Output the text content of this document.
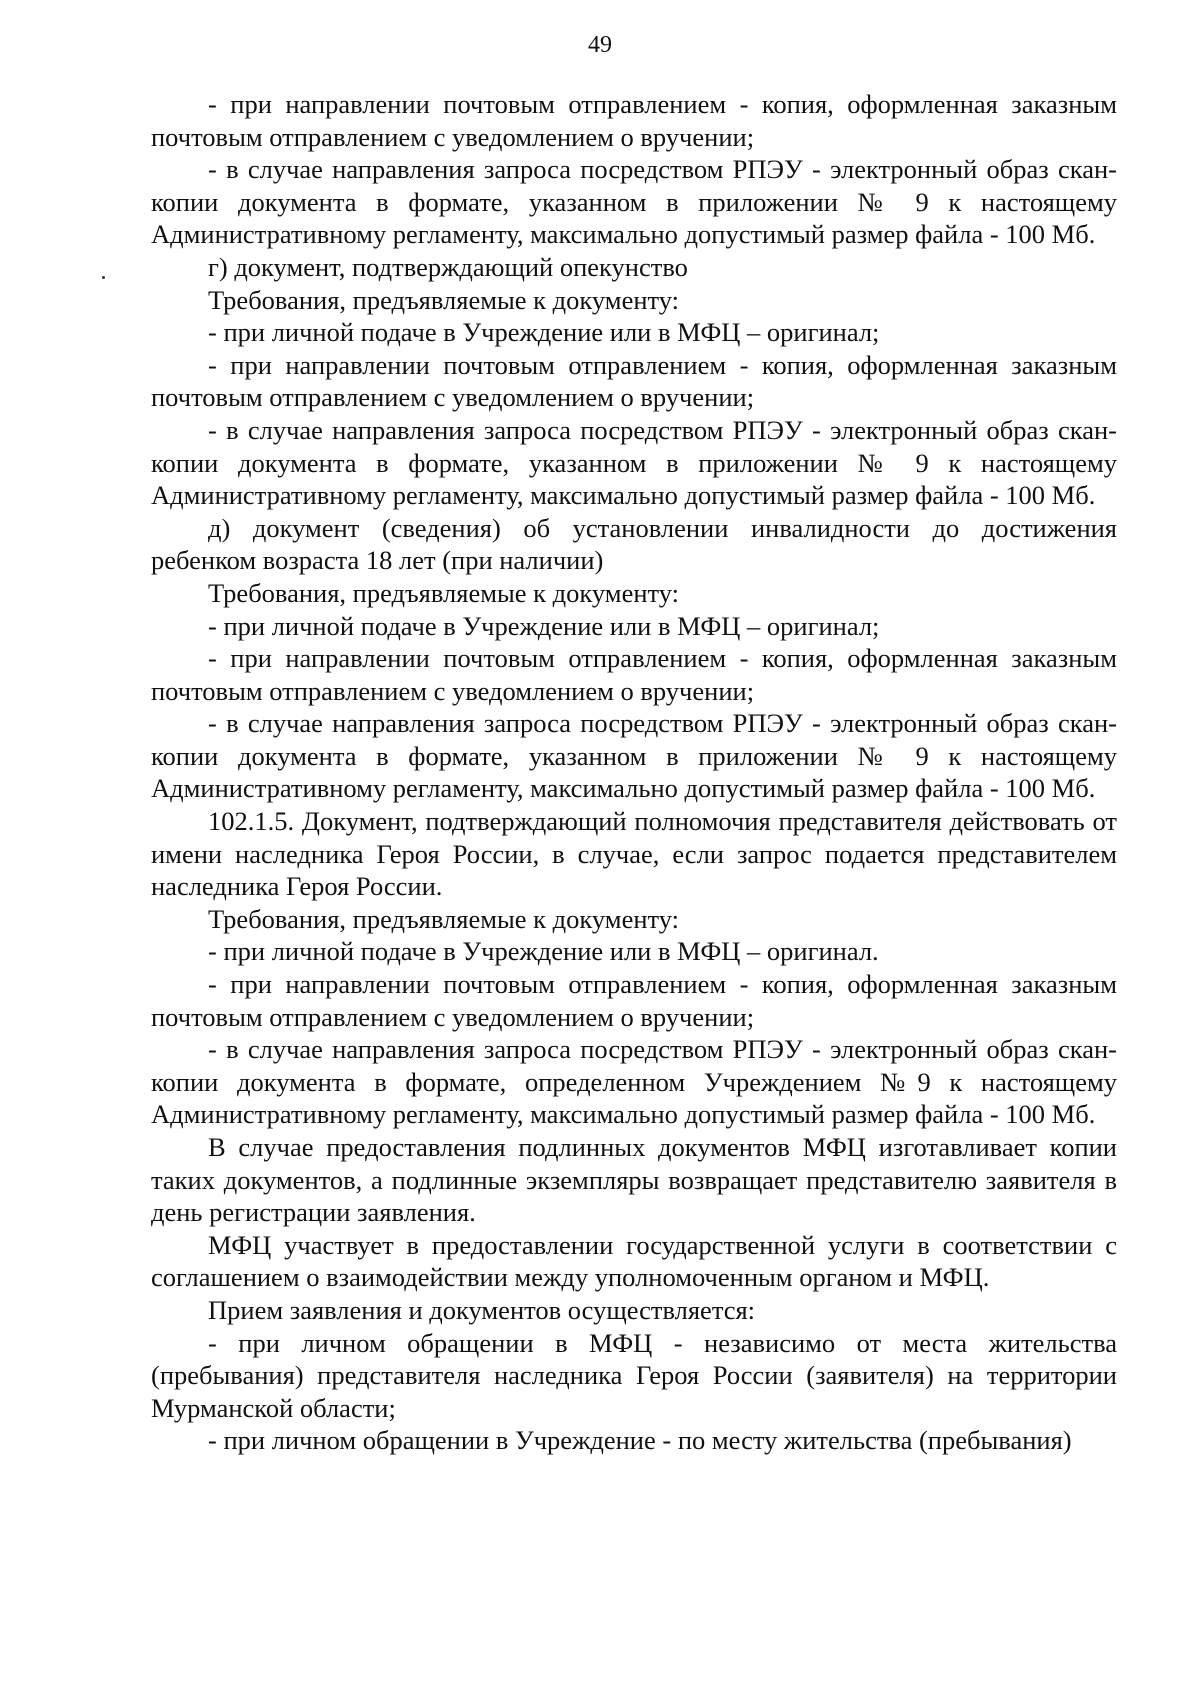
49

- при направлении почтовым отправлением - копия, оформленная заказным почтовым отправлением с уведомлением о вручении;

- в случае направления запроса посредством РПЭУ - электронный образ скан-копии документа в формате, указанном в приложении № 9 к настоящему Административному регламенту, максимально допустимый размер файла - 100 Мб.

г) документ, подтверждающий опекунство

Требования, предъявляемые к документу:

- при личной подаче в Учреждение или в МФЦ – оригинал;

- при направлении почтовым отправлением - копия, оформленная заказным почтовым отправлением с уведомлением о вручении;

- в случае направления запроса посредством РПЭУ - электронный образ скан-копии документа в формате, указанном в приложении № 9 к настоящему Административному регламенту, максимально допустимый размер файла - 100 Мб.

д) документ (сведения) об установлении инвалидности до достижения ребенком возраста 18 лет (при наличии)

Требования, предъявляемые к документу:

- при личной подаче в Учреждение или в МФЦ – оригинал;

- при направлении почтовым отправлением - копия, оформленная заказным почтовым отправлением с уведомлением о вручении;

- в случае направления запроса посредством РПЭУ - электронный образ скан-копии документа в формате, указанном в приложении № 9 к настоящему Административному регламенту, максимально допустимый размер файла - 100 Мб.

102.1.5. Документ, подтверждающий полномочия представителя действовать от имени наследника Героя России, в случае, если запрос подается представителем наследника Героя России.

Требования, предъявляемые к документу:

- при личной подаче в Учреждение или в МФЦ – оригинал.

- при направлении почтовым отправлением - копия, оформленная заказным почтовым отправлением с уведомлением о вручении;

- в случае направления запроса посредством РПЭУ - электронный образ скан-копии документа в формате, определенном Учреждением №9 к настоящему Административному регламенту, максимально допустимый размер файла - 100 Мб.

В случае предоставления подлинных документов МФЦ изготавливает копии таких документов, а подлинные экземпляры возвращает представителю заявителя в день регистрации заявления.

МФЦ участвует в предоставлении государственной услуги в соответствии с соглашением о взаимодействии между уполномоченным органом и МФЦ.

Прием заявления и документов осуществляется:

- при личном обращении в МФЦ - независимо от места жительства (пребывания) представителя наследника Героя России (заявителя) на территории Мурманской области;

- при личном обращении в Учреждение - по месту жительства (пребывания)
